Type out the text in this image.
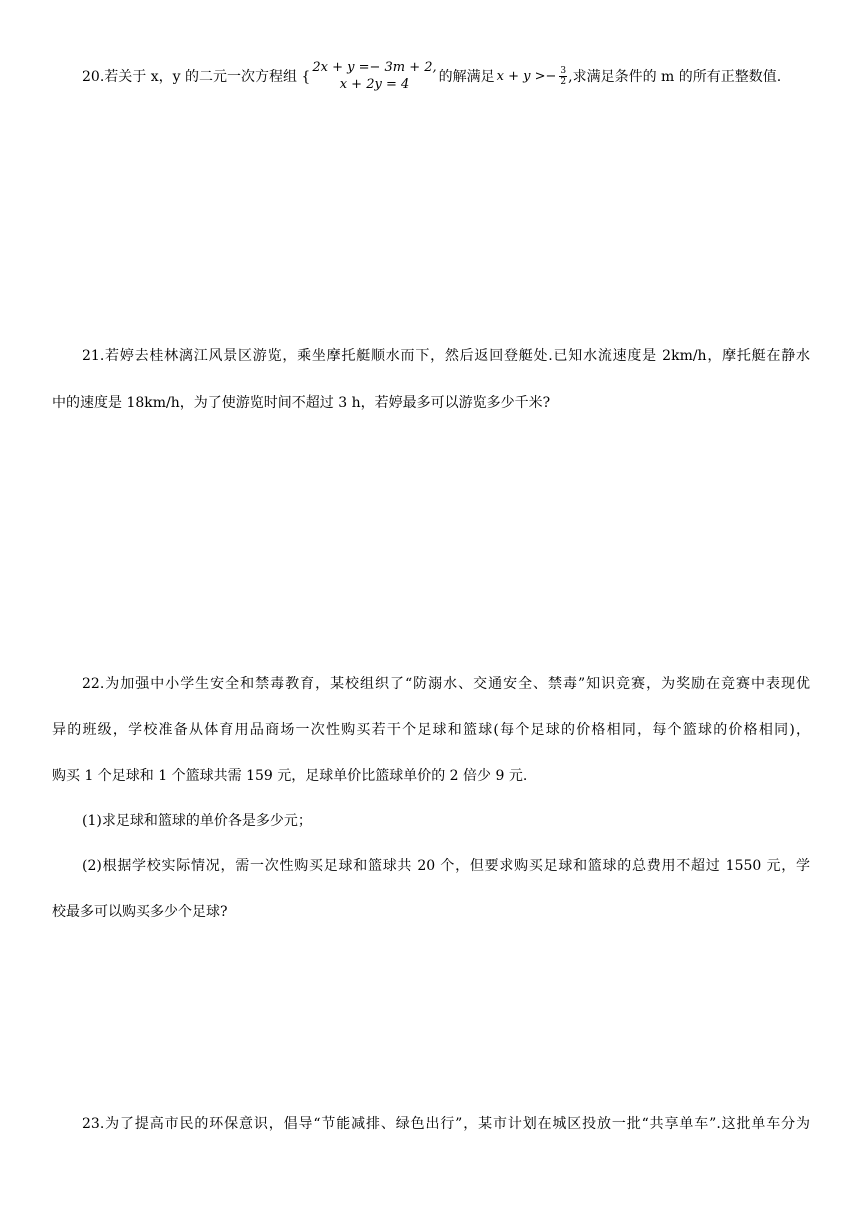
20.若关于 x，y 的二元一次方程组 {
2x + y =− 3m + 2,
x + 2y = 4 的解满足 $x + y >- \frac{3}{2}$ ,求满足条件的 m 的所有正整数值.
21.若婷去桂林漓江风景区游览，乘坐摩托艇顺水而下，然后返回登艇处.已知水流速度是 2km/h，摩托艇在静水
中的速度是 18km/h，为了使游览时间不超过 3 h，若婷最多可以游览多少千米?
22.为加强中小学生安全和禁毒教育，某校组织了“防溺水、交通安全、禁毒”知识竞赛，为奖励在竞赛中表现优
异的班级，学校准备从体育用品商场一次性购买若干个足球和篮球(每个足球的价格相同，每个篮球的价格相同)，
购买 1 个足球和 1 个篮球共需 159 元，足球单价比篮球单价的 2 倍少 9 元.
(1)求足球和篮球的单价各是多少元；
(2)根据学校实际情况，需一次性购买足球和篮球共 20 个，但要求购买足球和篮球的总费用不超过 1550 元，学
校最多可以购买多少个足球?
23.为了提高市民的环保意识，倡导“节能减排、绿色出行”，某市计划在城区投放一批“共享单车”.这批单车分为
